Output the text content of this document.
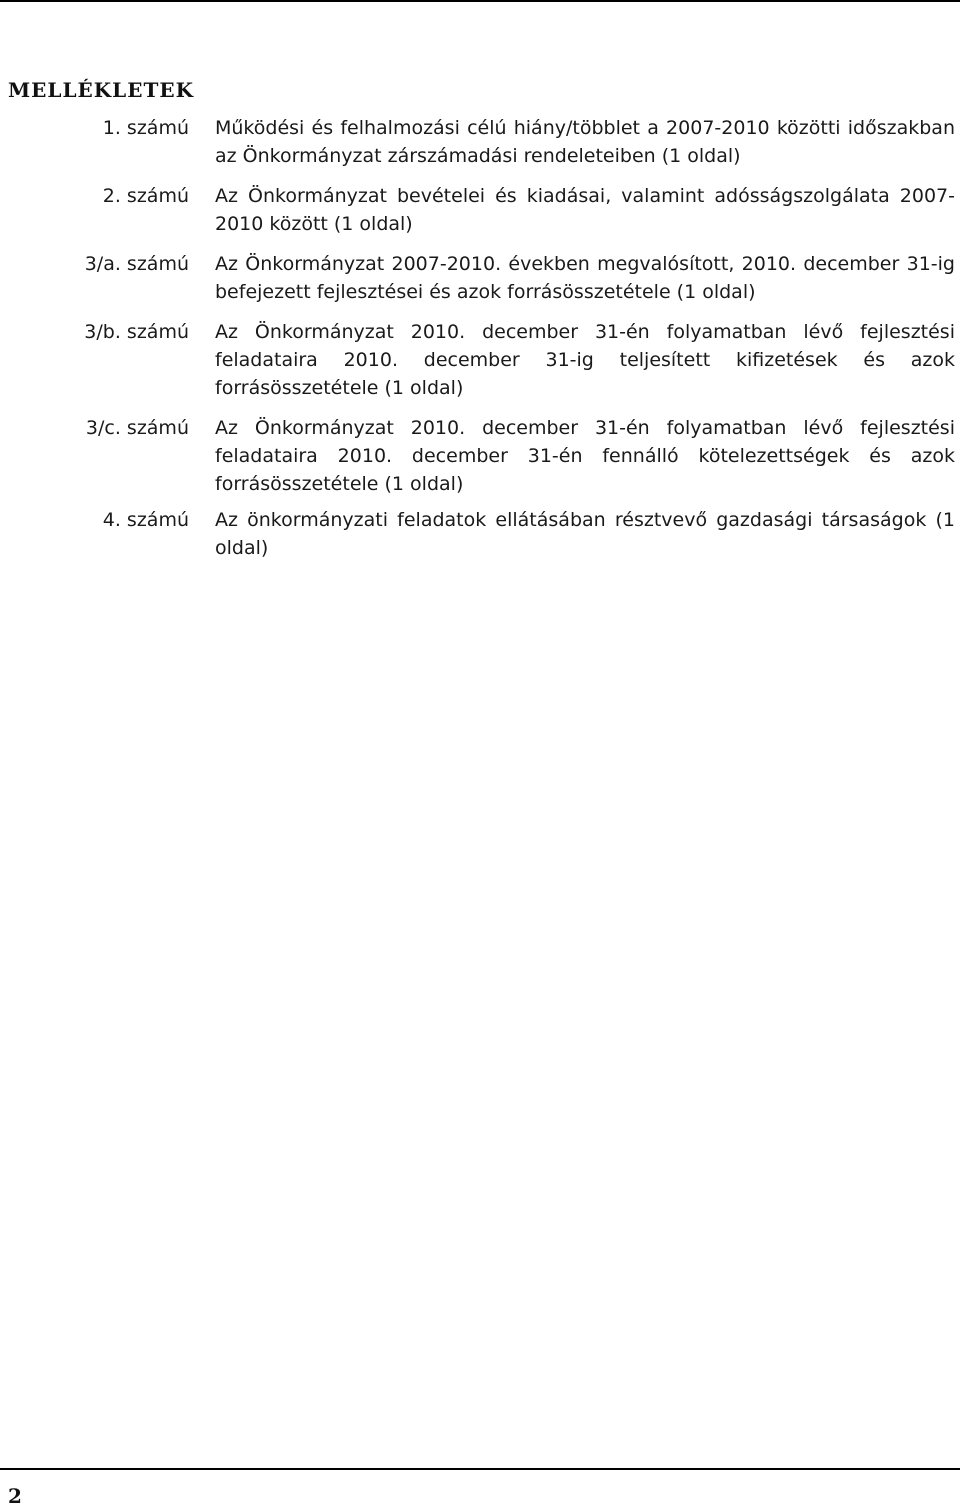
MELLÉKLETEK
1. számú Működési és felhalmozási célú hiány/többlet a 2007-2010 közötti időszakban az Önkormányzat zárszámadási rendeleteiben (1 oldal)

2. számú Az Önkormányzat bevételei és kiadásai, valamint adósságszolgálata 2007-2010 között (1 oldal)

3/a. számú Az Önkormányzat 2007-2010. években megvalósított, 2010. december 31-ig befejezett fejlesztései és azok forrásösszetétele (1 oldal)

3/b. számú Az Önkormányzat 2010. december 31-én folyamatban lévő fejlesztési feladataira 2010. december 31-ig teljesített kifizetések és azok forrásösszetétele (1 oldal)

3/c. számú Az Önkormányzat 2010. december 31-én folyamatban lévő fejlesztési feladataira 2010. december 31-én fennálló kötelezettségek és azok forrásösszetétele (1 oldal)

4. számú Az önkormányzati feladatok ellátásában résztvevő gazdasági társaságok (1 oldal)

2
